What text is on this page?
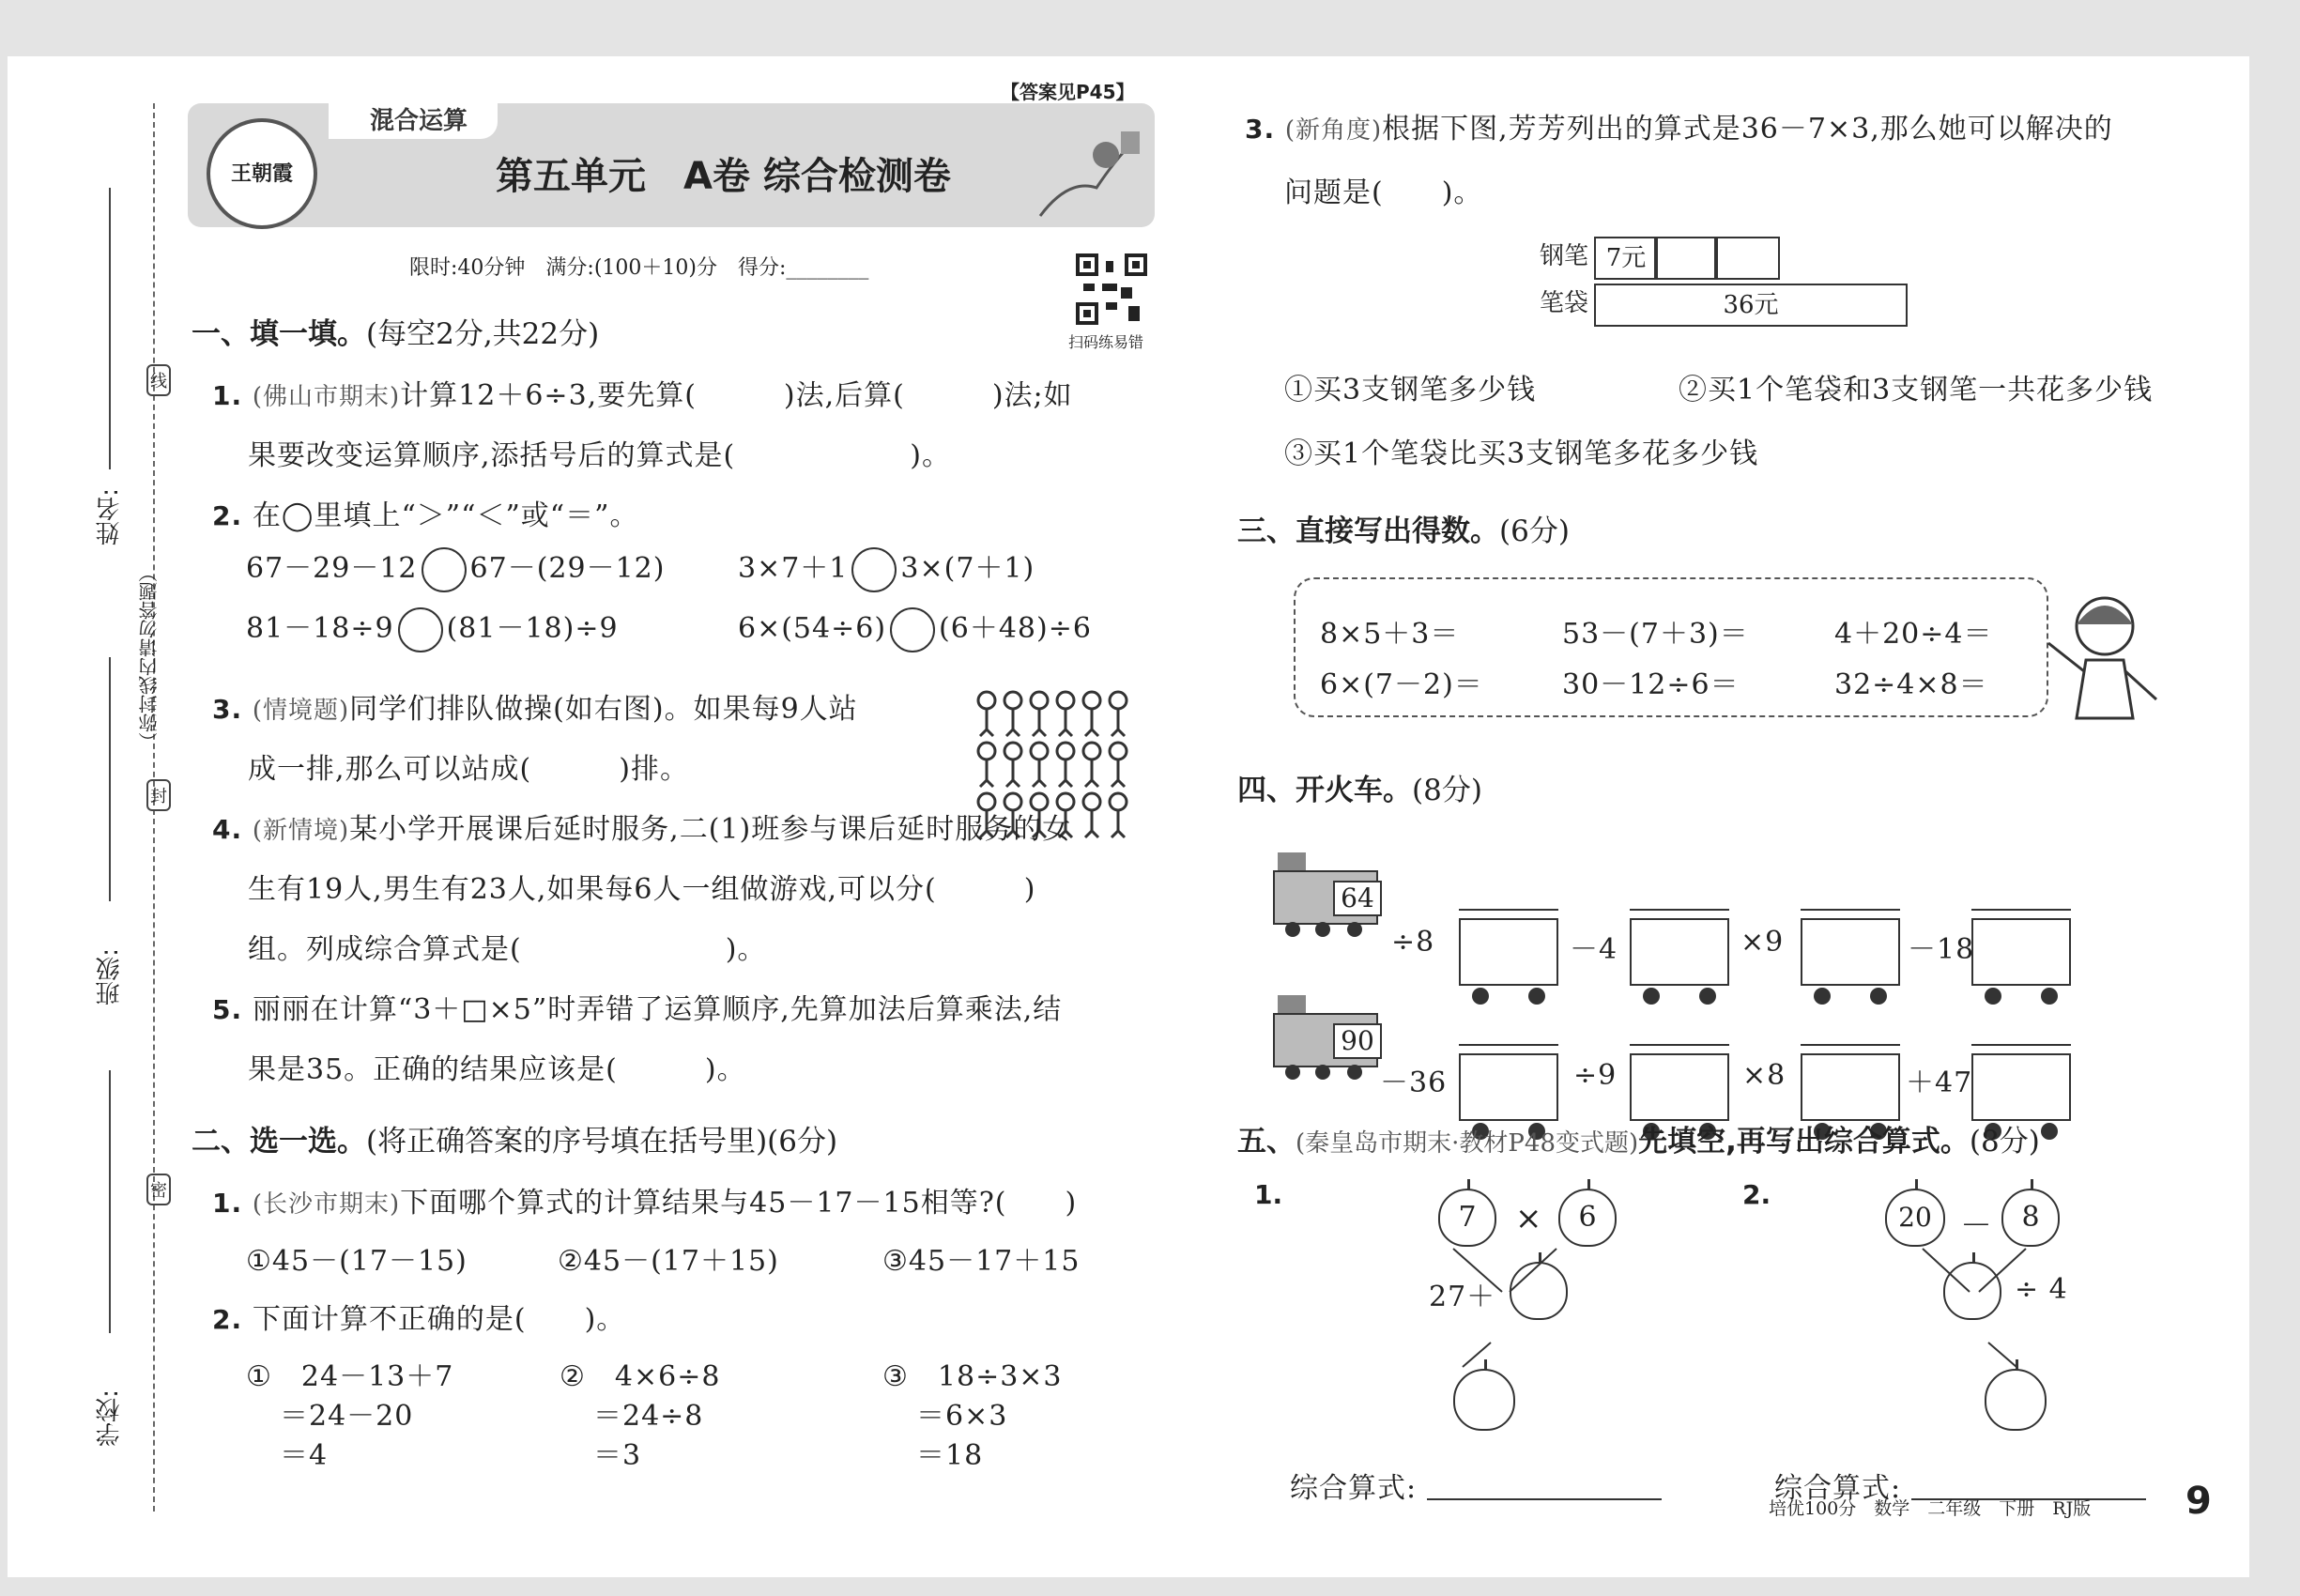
姓名:
班级:
学校:
（弥封线内请勿答题）
线
封
密
混合运算
【答案见P45】
王朝霞	第五单元　A卷 综合检测卷
限时:40分钟　满分:(100＋10)分　得分:________
扫码练易错
一、填一填。(每空2分,共22分)
1. (佛山市期末)计算12＋6÷3,要先算(　　　)法,后算(　　　)法;如
果要改变运算顺序,添括号后的算式是(　　　　　　)。
2. 在◯里填上“＞”“＜”或“＝”。
67－29－12 67－(29－12)	3×7＋1 3×(7＋1)
81－18÷9 (81－18)÷9	6×(54÷6) (6＋48)÷6
3. (情境题)同学们排队做操(如右图)。如果每9人站
成一排,那么可以站成(　　　)排。
4. (新情境)某小学开展课后延时服务,二(1)班参与课后延时服务的女
生有19人,男生有23人,如果每6人一组做游戏,可以分(　　　)
组。列成综合算式是(　　　　　　　)。
5. 丽丽在计算“3＋□×5”时弄错了运算顺序,先算加法后算乘法,结
果是35。正确的结果应该是(　　　)。
二、选一选。(将正确答案的序号填在括号里)(6分)
1. (长沙市期末)下面哪个算式的计算结果与45－17－15相等?(　　)
①45－(17－15)	②45－(17＋15)	③45－17＋15
2. 下面计算不正确的是(　　)。
①　24－13＋7
＝24－20
＝4
②　4×6÷8
＝24÷8
＝3
③　18÷3×3
＝6×3
＝18
3. (新角度)根据下图,芳芳列出的算式是36－7×3,那么她可以解决的
问题是(　　)。
钢笔 7元
笔袋	36元
①买3支钢笔多少钱	②买1个笔袋和3支钢笔一共花多少钱
③买1个笔袋比买3支钢笔多花多少钱
三、直接写出得数。(6分)
8×5＋3＝	53－(7＋3)＝	4＋20÷4＝
6×(7－2)＝	30－12÷6＝	32÷4×8＝
四、开火车。(8分)
64
÷8	－4	×9	－18
90
－36	÷9	×8	＋47
五、(秦皇岛市期末·教材P48变式题)先填空,再写出综合算式。(8分)
1.
7	×	6
27＋
2.
20 －	8
÷ 4
综合算式:	综合算式:
培优100分　数学　二年级　下册　RJ版	9
